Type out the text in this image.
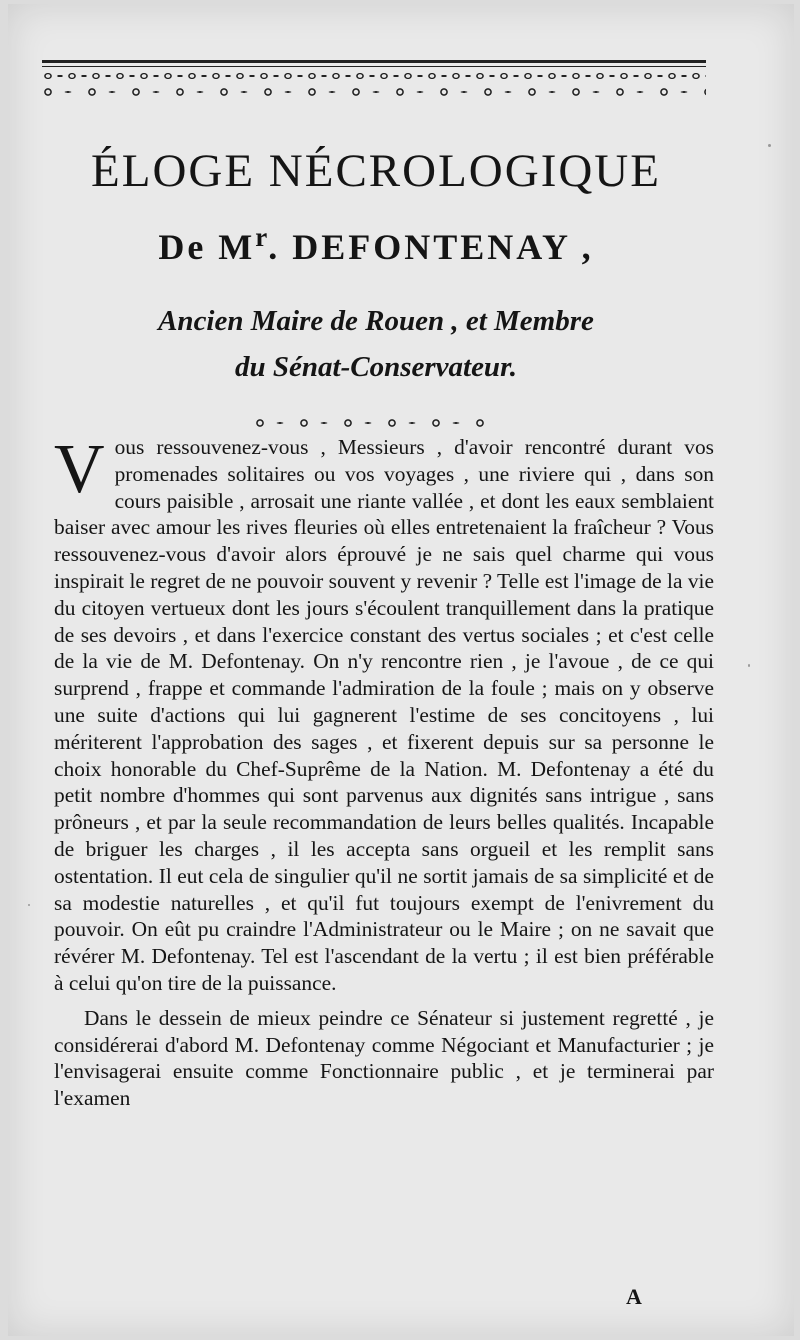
ÉLOGE NÉCROLOGIQUE
De $M^r$. DEFONTENAY ,
Ancien Maire de Rouen , et Membre
du Sénat-Conservateur.

Vous ressouvenez-vous , Messieurs , d'avoir rencontré durant vos promenades solitaires ou vos voyages , une riviere qui , dans son cours paisible , arrosait une riante vallée , et dont les eaux semblaient baiser avec amour les rives fleuries où elles entretenaient la fraîcheur ? Vous ressouvenez-vous d'avoir alors éprouvé je ne sais quel charme qui vous inspirait le regret de ne pouvoir souvent y revenir ? Telle est l'image de la vie du citoyen vertueux dont les jours s'écoulent tranquillement dans la pratique de ses devoirs , et dans l'exercice constant des vertus sociales ; et c'est celle de la vie de M. Defontenay. On n'y rencontre rien , je l'avoue , de ce qui surprend , frappe et commande l'admiration de la foule ; mais on y observe une suite d'actions qui lui gagnerent l'estime de ses concitoyens , lui mériterent l'approbation des sages , et fixerent depuis sur sa personne le choix honorable du Chef-Suprême de la Nation. M. Defontenay a été du petit nombre d'hommes qui sont parvenus aux dignités sans intrigue , sans prôneurs , et par la seule recommandation de leurs belles qualités. Incapable de briguer les charges , il les accepta sans orgueil et les remplit sans ostentation. Il eut cela de singulier qu'il ne sortit jamais de sa simplicité et de sa modestie naturelles , et qu'il fut toujours exempt de l'enivrement du pouvoir. On eût pu craindre l'Administrateur ou le Maire ; on ne savait que révérer M. Defontenay. Tel est l'ascendant de la vertu ; il est bien préférable à celui qu'on tire de la puissance.

Dans le dessein de mieux peindre ce Sénateur si justement regretté , je considérerai d'abord M. Defontenay comme Négociant et Manufacturier ; je l'envisagerai ensuite comme Fonctionnaire public , et je terminerai par l'examen

A
